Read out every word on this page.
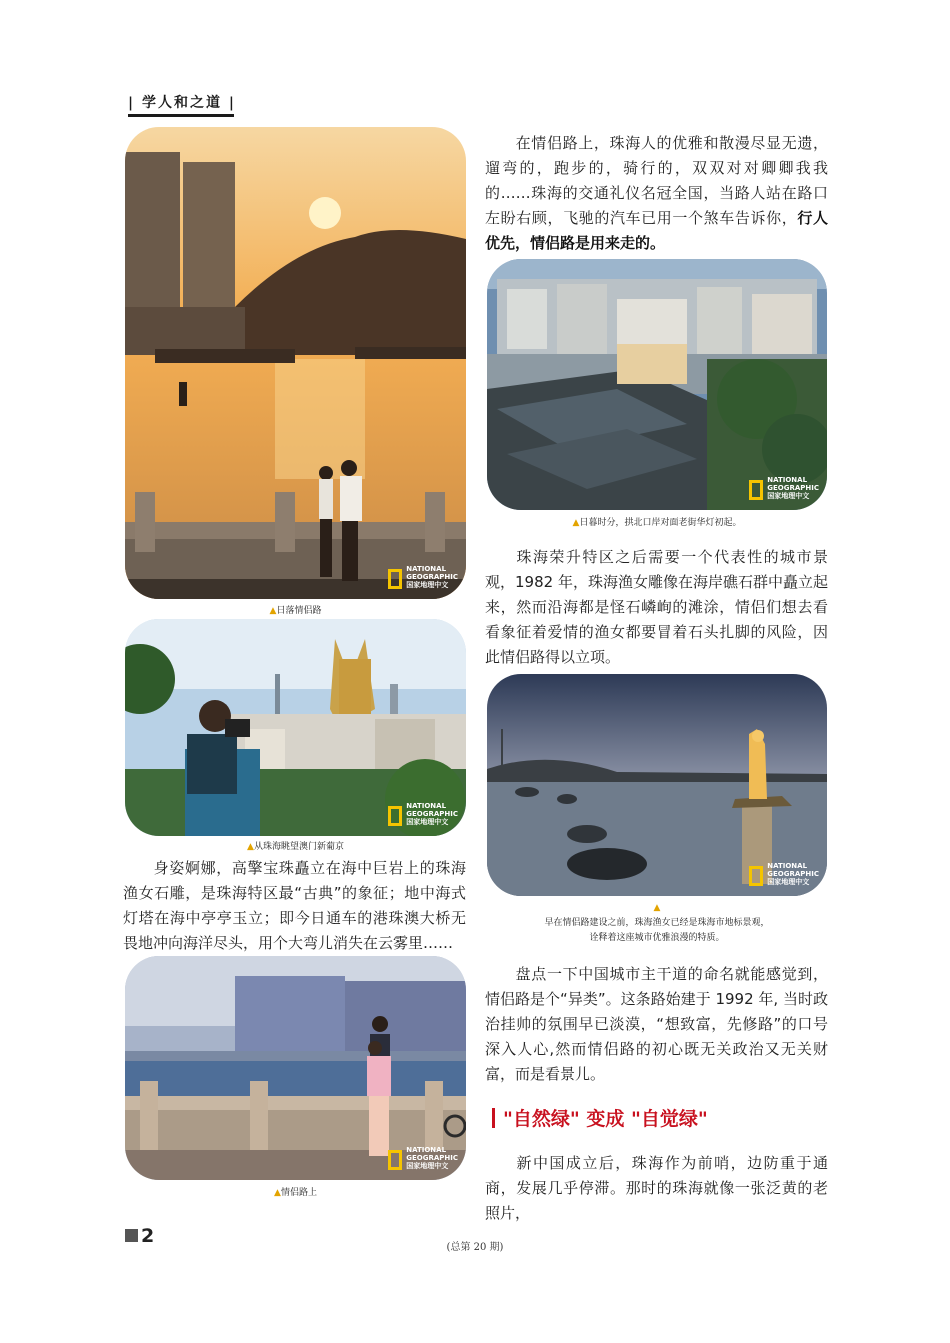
| 学人和之道 |
NATIONAL
GEOGRAPHIC
国家地理中文
▲日落情侣路
在情侣路上，珠海人的优雅和散漫尽显无遗，遛弯的，跑步的，骑行的，双双对对卿卿我我的……珠海的交通礼仪名冠全国，当路人站在路口左盼右顾，飞驰的汽车已用一个煞车告诉你，行人优先，情侣路是用来走的。
NATIONAL
GEOGRAPHIC
国家地理中文
▲日暮时分，拱北口岸对面老街华灯初起。
珠海荣升特区之后需要一个代表性的城市景观，1982 年，珠海渔女雕像在海岸礁石群中矗立起来，然而沿海都是怪石嶙峋的滩涂，情侣们想去看看象征着爱情的渔女都要冒着石头扎脚的风险，因此情侣路得以立项。
NATIONAL
GEOGRAPHIC
国家地理中文
▲从珠海眺望澳门新葡京
身姿婀娜，高擎宝珠矗立在海中巨岩上的珠海渔女石雕，是珠海特区最“古典”的象征；地中海式灯塔在海中亭亭玉立；即今日通车的港珠澳大桥无畏地冲向海洋尽头，用个大弯儿消失在云雾里……
NATIONAL
GEOGRAPHIC
国家地理中文
▲
早在情侣路建设之前，珠海渔女已经是珠海市地标景观，
诠释着这座城市优雅浪漫的特质。
NATIONAL
GEOGRAPHIC
国家地理中文
▲情侣路上
盘点一下中国城市主干道的命名就能感觉到，情侣路是个“异类”。这条路始建于 1992 年, 当时政治挂帅的氛围早已淡漠，“想致富，先修路”的口号深入人心,然而情侣路的初心既无关政治又无关财富，而是看景儿。
"自然绿" 变成 "自觉绿"
新中国成立后，珠海作为前哨，边防重于通商，发展几乎停滞。那时的珠海就像一张泛黄的老照片，
2
(总第 20 期)
